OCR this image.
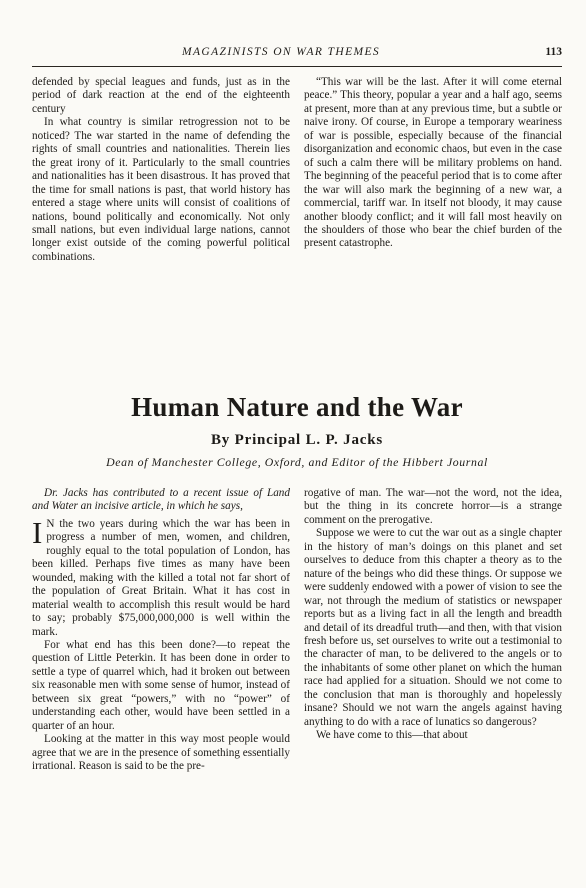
MAGAZINISTS ON WAR THEMES	113

defended by special leagues and funds, just as in the period of dark reaction at the end of the eighteenth century

In what country is similar retrogression not to be noticed? The war started in the name of defending the rights of small countries and nationalities. Therein lies the great irony of it. Particularly to the small countries and nationalities has it been disastrous. It has proved that the time for small nations is past, that world history has entered a stage where units will consist of coalitions of nations, bound politically and economically. Not only small nations, but even individual large nations, cannot longer exist outside of the coming powerful political combinations.

“This war will be the last. After it will come eternal peace.” This theory, popular a year and a half ago, seems at present, more than at any previous time, but a subtle or naive irony. Of course, in Europe a temporary weariness of war is possible, especially because of the financial disorganization and economic chaos, but even in the case of such a calm there will be military problems on hand. The beginning of the peaceful period that is to come after the war will also mark the beginning of a new war, a commercial, tariff war. In itself not bloody, it may cause another bloody conflict; and it will fall most heavily on the shoulders of those who bear the chief burden of the present catastrophe.

Human Nature and the War
By Principal L. P. Jacks
Dean of Manchester College, Oxford, and Editor of the Hibbert Journal

Dr. Jacks has contributed to a recent issue of Land and Water an incisive article, in which he says,

I N the two years during which the war has been in progress a number of men, women, and children, roughly equal to the total population of London, has been killed. Perhaps five times as many have been wounded, making with the killed a total not far short of the population of Great Britain. What it has cost in material wealth to accomplish this result would be hard to say; probably $75,000,000,000 is well within the mark.

For what end has this been done?—to repeat the question of Little Peterkin. It has been done in order to settle a type of quarrel which, had it broken out between six reasonable men with some sense of humor, instead of between six great “powers,” with no “power” of understanding each other, would have been settled in a quarter of an hour.

Looking at the matter in this way most people would agree that we are in the presence of something essentially irrational. Reason is said to be the pre-

rogative of man. The war—not the word, not the idea, but the thing in its concrete horror—is a strange comment on the prerogative.

Suppose we were to cut the war out as a single chapter in the history of man’s doings on this planet and set ourselves to deduce from this chapter a theory as to the nature of the beings who did these things. Or suppose we were suddenly endowed with a power of vision to see the war, not through the medium of statistics or newspaper reports but as a living fact in all the length and breadth and detail of its dreadful truth—and then, with that vision fresh before us, set ourselves to write out a testimonial to the character of man, to be delivered to the angels or to the inhabitants of some other planet on which the human race had applied for a situation. Should we not come to the conclusion that man is thoroughly and hopelessly insane? Should we not warn the angels against having anything to do with a race of lunatics so dangerous?

We have come to this—that about
